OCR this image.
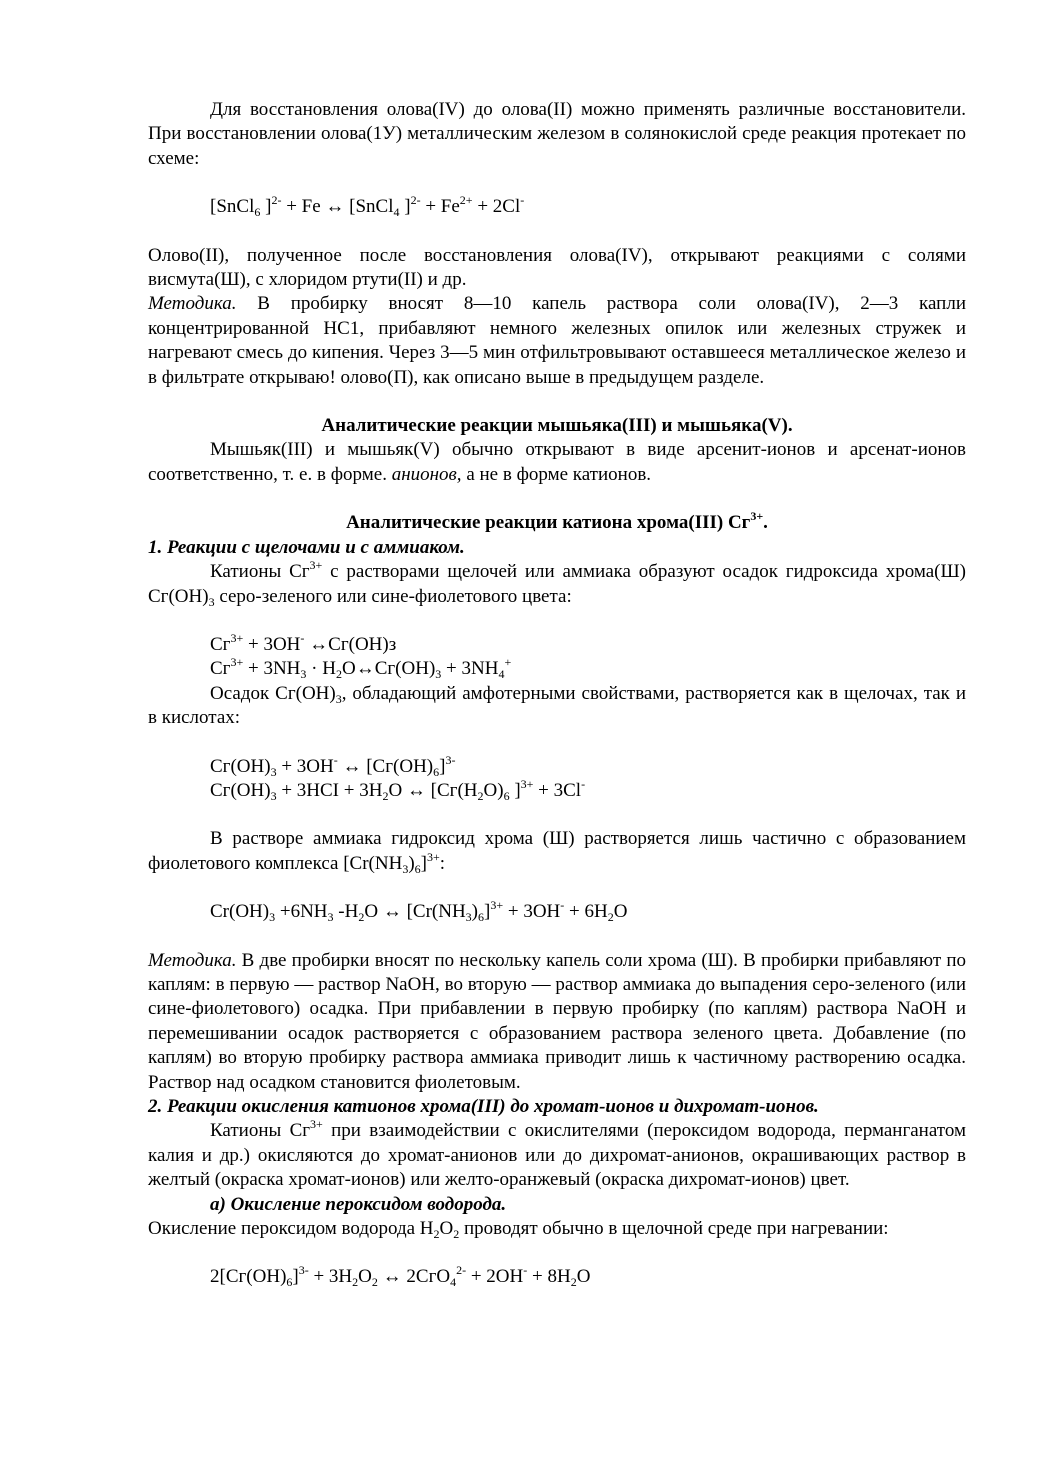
Для восстановления олова(IV) до олова(II) можно применять различные восстановители. При восстановлении олова(1У) металлическим железом в солянокислой среде реакция протекает по схеме:

[SnCl$_6$ ]$^{2-}$ + Fe ↔ [SnCl$_4$ ]$^{2-} + Fe^{2+} + 2Cl^-$

Олово(II), полученное после восстановления олова(IV), открывают реакциями с солями висмута(Ш), с хлоридом ртути(II) и др.

Методика. В пробирку вносят 8—10 капель раствора соли олова(IV), 2—3 капли концентрированной НС1, прибавляют немного железных опилок или железных стружек и нагревают смесь до кипения. Через 3—5 мин отфильтровывают оставшееся металлическое железо и в фильтрате открываю! олово(П), как описано выше в предыдущем разделе.

Аналитические реакции мышьяка(III) и мышьяка(V).

Мышьяк(III) и мышьяк(V) обычно открывают в виде арсенит-ионов и арсенат-ионов соответственно, т. е. в форме. анионов, а не в форме катионов.

Аналитические реакции катиона хрома(III) $Сг^{3+}$.

1. Реакции с щелочами и с аммиаком.

Катионы $Сг^{3+}$ с растворами щелочей или аммиака образуют осадок гидроксида хрома(Ш) $Сг(ОН)_3$ серо-зеленого или сине-фиолетового цвета:

$Сг^{3+} + 3ОН^-$ ↔Сг(ОН)з

$Сг^{3+} + 3NH_3$ · $Н_2O\leftrightarrow Сг(ОН)_3 + 3NH_4^+$

Осадок $Сг(ОН)_3$, обладающий амфотерными свойствами, растворяется как в щелочах, так и в кислотах:

$Сг(ОН)_3 + 3ОН^-$ ↔ $[Сг(ОН)_6]^{3-}$

$Сг(ОН)_3 + 3НСI + 3Н_2О$ ↔ [$Сг(Н_2О)_6$ ]$^{3+}$ + 3Сl-

В растворе аммиака гидроксид хрома (Ш) растворяется лишь частично с образованием фиолетового комплекса $[Cr(NH_3)_6]^{3+}$:

$Cr(OH)_3 +6NH_3$ $-H_2O$ ↔ $[Cr(NH_3)_6]^{3+} + 3OH^- + 6H_2O$

Методика. В две пробирки вносят по нескольку капель соли хрома (Ш). В пробирки прибавляют по каплям: в первую — раствор NaOH, во вторую — раствор аммиака до выпадения серо-зеленого (или сине-фиолетового) осадка. При прибавлении в первую пробирку (по каплям) раствора NaOH и перемешивании осадок растворяется с образованием раствора зеленого цвета. Добавление (по каплям) во вторую пробирку раствора аммиака приводит лишь к частичному растворению осадка. Раствор над осадком становится фиолетовым.

2. Реакции окисления катионов хрома(III) до хромат-ионов и дихромат-ионов.

Катионы $Сг^{3+}$ при взаимодействии с окислителями (пероксидом водорода, перманганатом калия и др.) окисляются до хромат-анионов или до дихромат-анионов, окрашивающих раствор в желтый (окраска хромат-ионов) или желто-оранжевый (окраска дихромат-ионов) цвет.

а) Окисление пероксидом водорода.

Окисление пероксидом водорода $Н_2О_2$ проводят обычно в щелочной среде при нагревании:

$2[Сг(ОН)_6]^{3-} + 3Н_2О_2$ ↔ $2СгО_4^{2-} + 2ОН^- + 8Н_2О$
